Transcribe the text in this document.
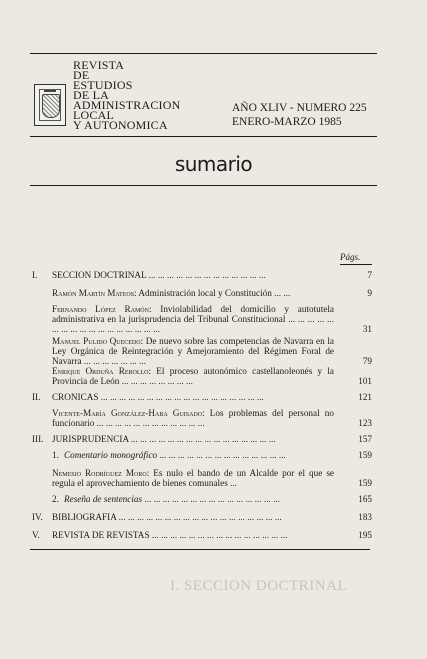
REVISTA
DE
ESTUDIOS
DE LA
ADMINISTRACION
LOCAL
Y AUTONOMICA
AÑO XLIV - NUMERO 225
ENERO-MARZO 1985
sumario
Págs.
I.	SECCION DOCTRINAL ... ... ... ... ... ... ... ... ... ... ... ... ...	7
Ramón Martín Mateos: Administración local y Constitución ... ...	9
Fernando López Ramón: Inviolabilidad del domicilio y autotutela administrativa en la jurisprudencia del Tribunal Constitucional ... ... ... ... ... ... ... ... ... ... ... ... ... ... ... ... ...	31
Manuel Pulido Quecedo: De nuevo sobre las competencias de Navarra en la Ley Orgánica de Reintegración y Amejoramiento del Régimen Foral de Navarra ... ... ... ... ... ... ...	79
Enrique Orduña Rebollo: El proceso autonómico castellanoleonés y la Provincia de León ... ... ... ... ... ... ... ...	101
II.	CRONICAS ... ... ... ... ... ... ... ... ... ... ... ... ... ... ... ... ... ...	121
Vicente-María González-Haba Guisado: Los problemas del personal no funcionario ... ... ... ... ... ... ... ... ... ... ... ...	123
III. JURISPRUDENCIA ... ... ... ... ... ... ... ... ... ... ... ... ... ... ... ...	157
1. Comentario monográfico ... ... ... ... ... ... ... ... ... ... ... ... ... ...	159
Nemesio Rodríguez Moro: Es nulo el bando de un Alcalde por el que se regula el aprovechamiento de bienes comunales ...	159
2. Reseña de sentencias ... ... ... ... ... ... ... ... ... ... ... ... ... ... ...	165
IV. BIBLIOGRAFIA ... ... ... ... ... ... ... ... ... ... ... ... ... ... ... ... ... ...	183
V.	REVISTA DE REVISTAS ... ... ... ... ... ... ... ... ... ... ... ... ... ... ...	195
I. SECCION DOCTRINAL
